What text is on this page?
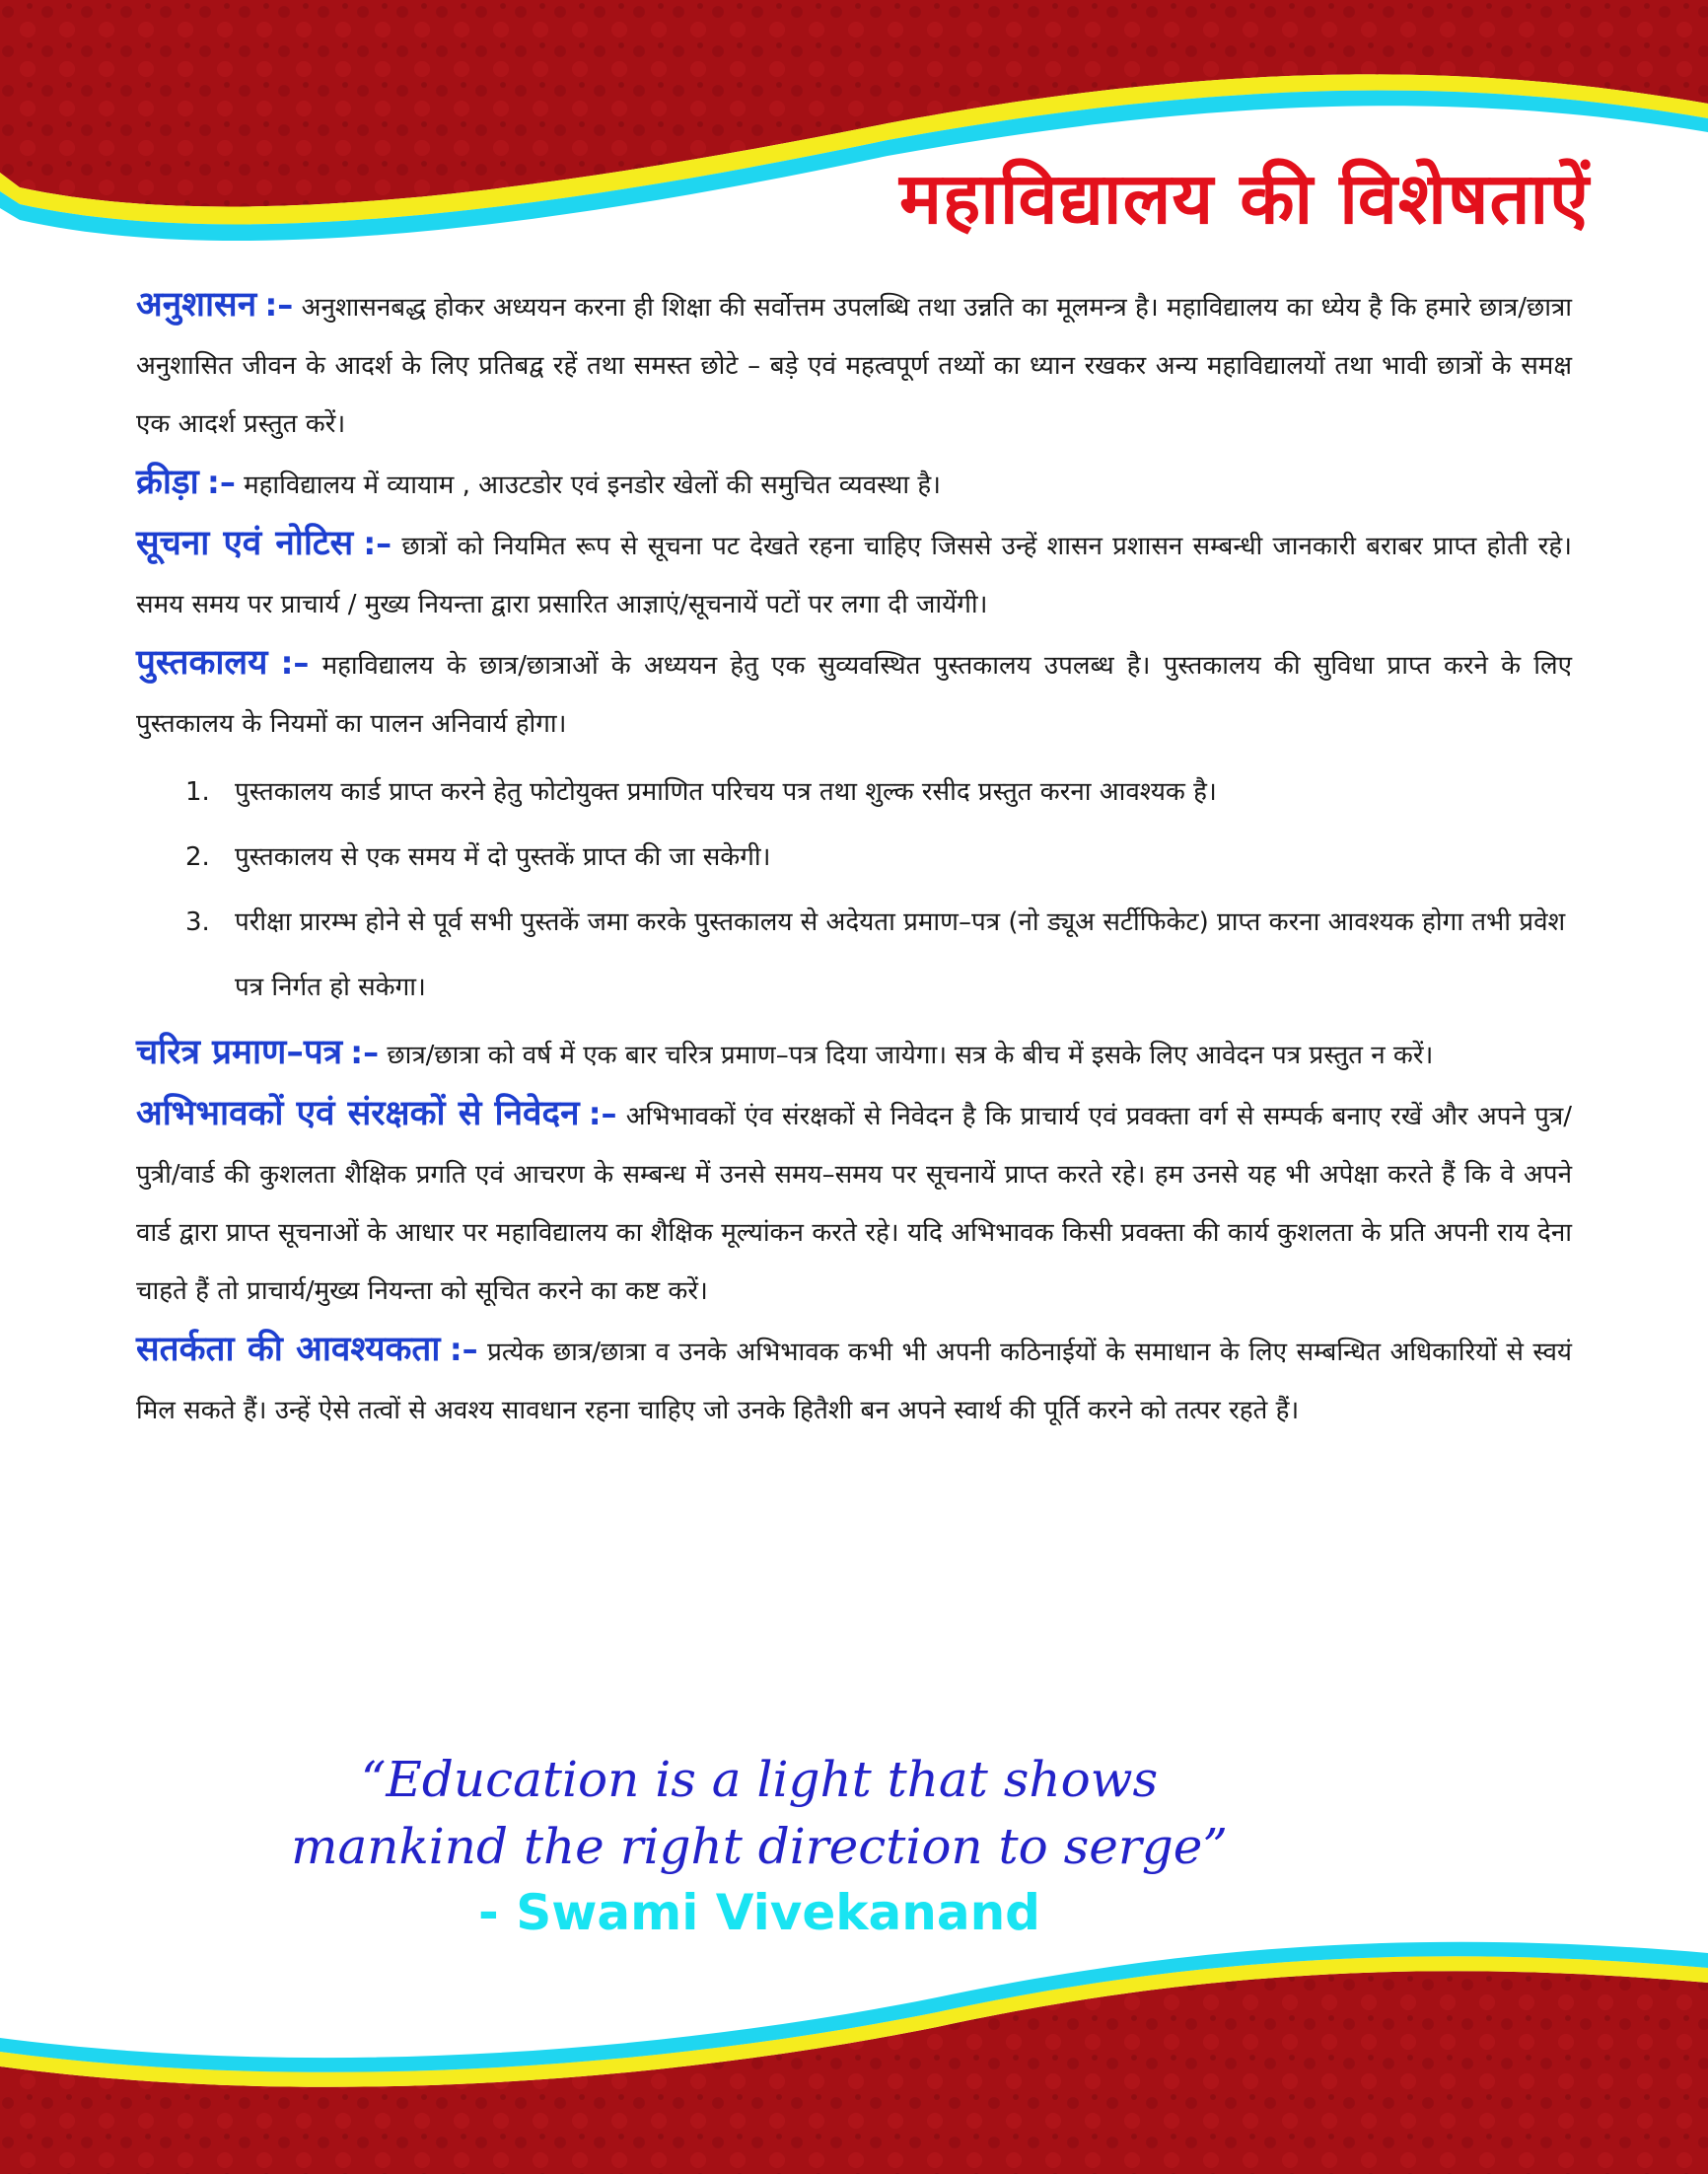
महाविद्यालय की विशेषताऐं

अनुशासन :– अनुशासनबद्ध होकर अध्ययन करना ही शिक्षा की सर्वोत्तम उपलब्धि तथा उन्नति का मूलमन्त्र है। महाविद्यालय का ध्येय है कि हमारे छात्र/छात्रा अनुशासित जीवन के आदर्श के लिए प्रतिबद्व रहें तथा समस्त छोटे – बड़े एवं महत्वपूर्ण तथ्यों का ध्यान रखकर अन्य महाविद्यालयों तथा भावी छात्रों के समक्ष एक आदर्श प्रस्तुत करें।

क्रीड़ा :– महाविद्यालय में व्यायाम , आउटडोर एवं इनडोर खेलों की समुचित व्यवस्था है।

सूचना एवं नोटिस :– छात्रों को नियमित रूप से सूचना पट देखते रहना चाहिए जिससे उन्हें शासन प्रशासन सम्बन्धी जानकारी बराबर प्राप्त होती रहे। समय समय पर प्राचार्य / मुख्य नियन्ता द्वारा प्रसारित आज्ञाएं/सूचनायें पटों पर लगा दी जायेंगी।

पुस्तकालय :– महाविद्यालय के छात्र/छात्राओं के अध्ययन हेतु एक सुव्यवस्थित पुस्तकालय उपलब्ध है। पुस्तकालय की सुविधा प्राप्त करने के लिए पुस्तकालय के नियमों का पालन अनिवार्य होगा।

1. पुस्तकालय कार्ड प्राप्त करने हेतु फोटोयुक्त प्रमाणित परिचय पत्र तथा शुल्क रसीद प्रस्तुत करना आवश्यक है।
2. पुस्तकालय से एक समय में दो पुस्तकें प्राप्त की जा सकेगी।
3. परीक्षा प्रारम्भ होने से पूर्व सभी पुस्तकें जमा करके पुस्तकालय से अदेयता प्रमाण–पत्र (नो ड्यूअ सर्टीफिकेट) प्राप्त करना आवश्यक होगा तभी प्रवेश पत्र निर्गत हो सकेगा।

चरित्र प्रमाण–पत्र :– छात्र/छात्रा को वर्ष में एक बार चरित्र प्रमाण–पत्र दिया जायेगा। सत्र के बीच में इसके लिए आवेदन पत्र प्रस्तुत न करें।

अभिभावकों एवं संरक्षकों से निवेदन :– अभिभावकों एंव संरक्षकों से निवेदन है कि प्राचार्य एवं प्रवक्ता वर्ग से सम्पर्क बनाए रखें और अपने पुत्र/पुत्री/वार्ड की कुशलता शैक्षिक प्रगति एवं आचरण के सम्बन्ध में उनसे समय–समय पर सूचनायें प्राप्त करते रहे। हम उनसे यह भी अपेक्षा करते हैं कि वे अपने वार्ड द्वारा प्राप्त सूचनाओं के आधार पर महाविद्यालय का शैक्षिक मूल्यांकन करते रहे। यदि अभिभावक किसी प्रवक्ता की कार्य कुशलता के प्रति अपनी राय देना चाहते हैं तो प्राचार्य/मुख्य नियन्ता को सूचित करने का कष्ट करें।

सतर्कता की आवश्यकता :– प्रत्येक छात्र/छात्रा व उनके अभिभावक कभी भी अपनी कठिनाईयों के समाधान के लिए सम्बन्धित अधिकारियों से स्वयं मिल सकते हैं। उन्हें ऐसे तत्वों से अवश्य सावधान रहना चाहिए जो उनके हितैशी बन अपने स्वार्थ की पूर्ति करने को तत्पर रहते हैं।

“Education is a light that shows
mankind the right direction to serge”
- Swami Vivekanand
